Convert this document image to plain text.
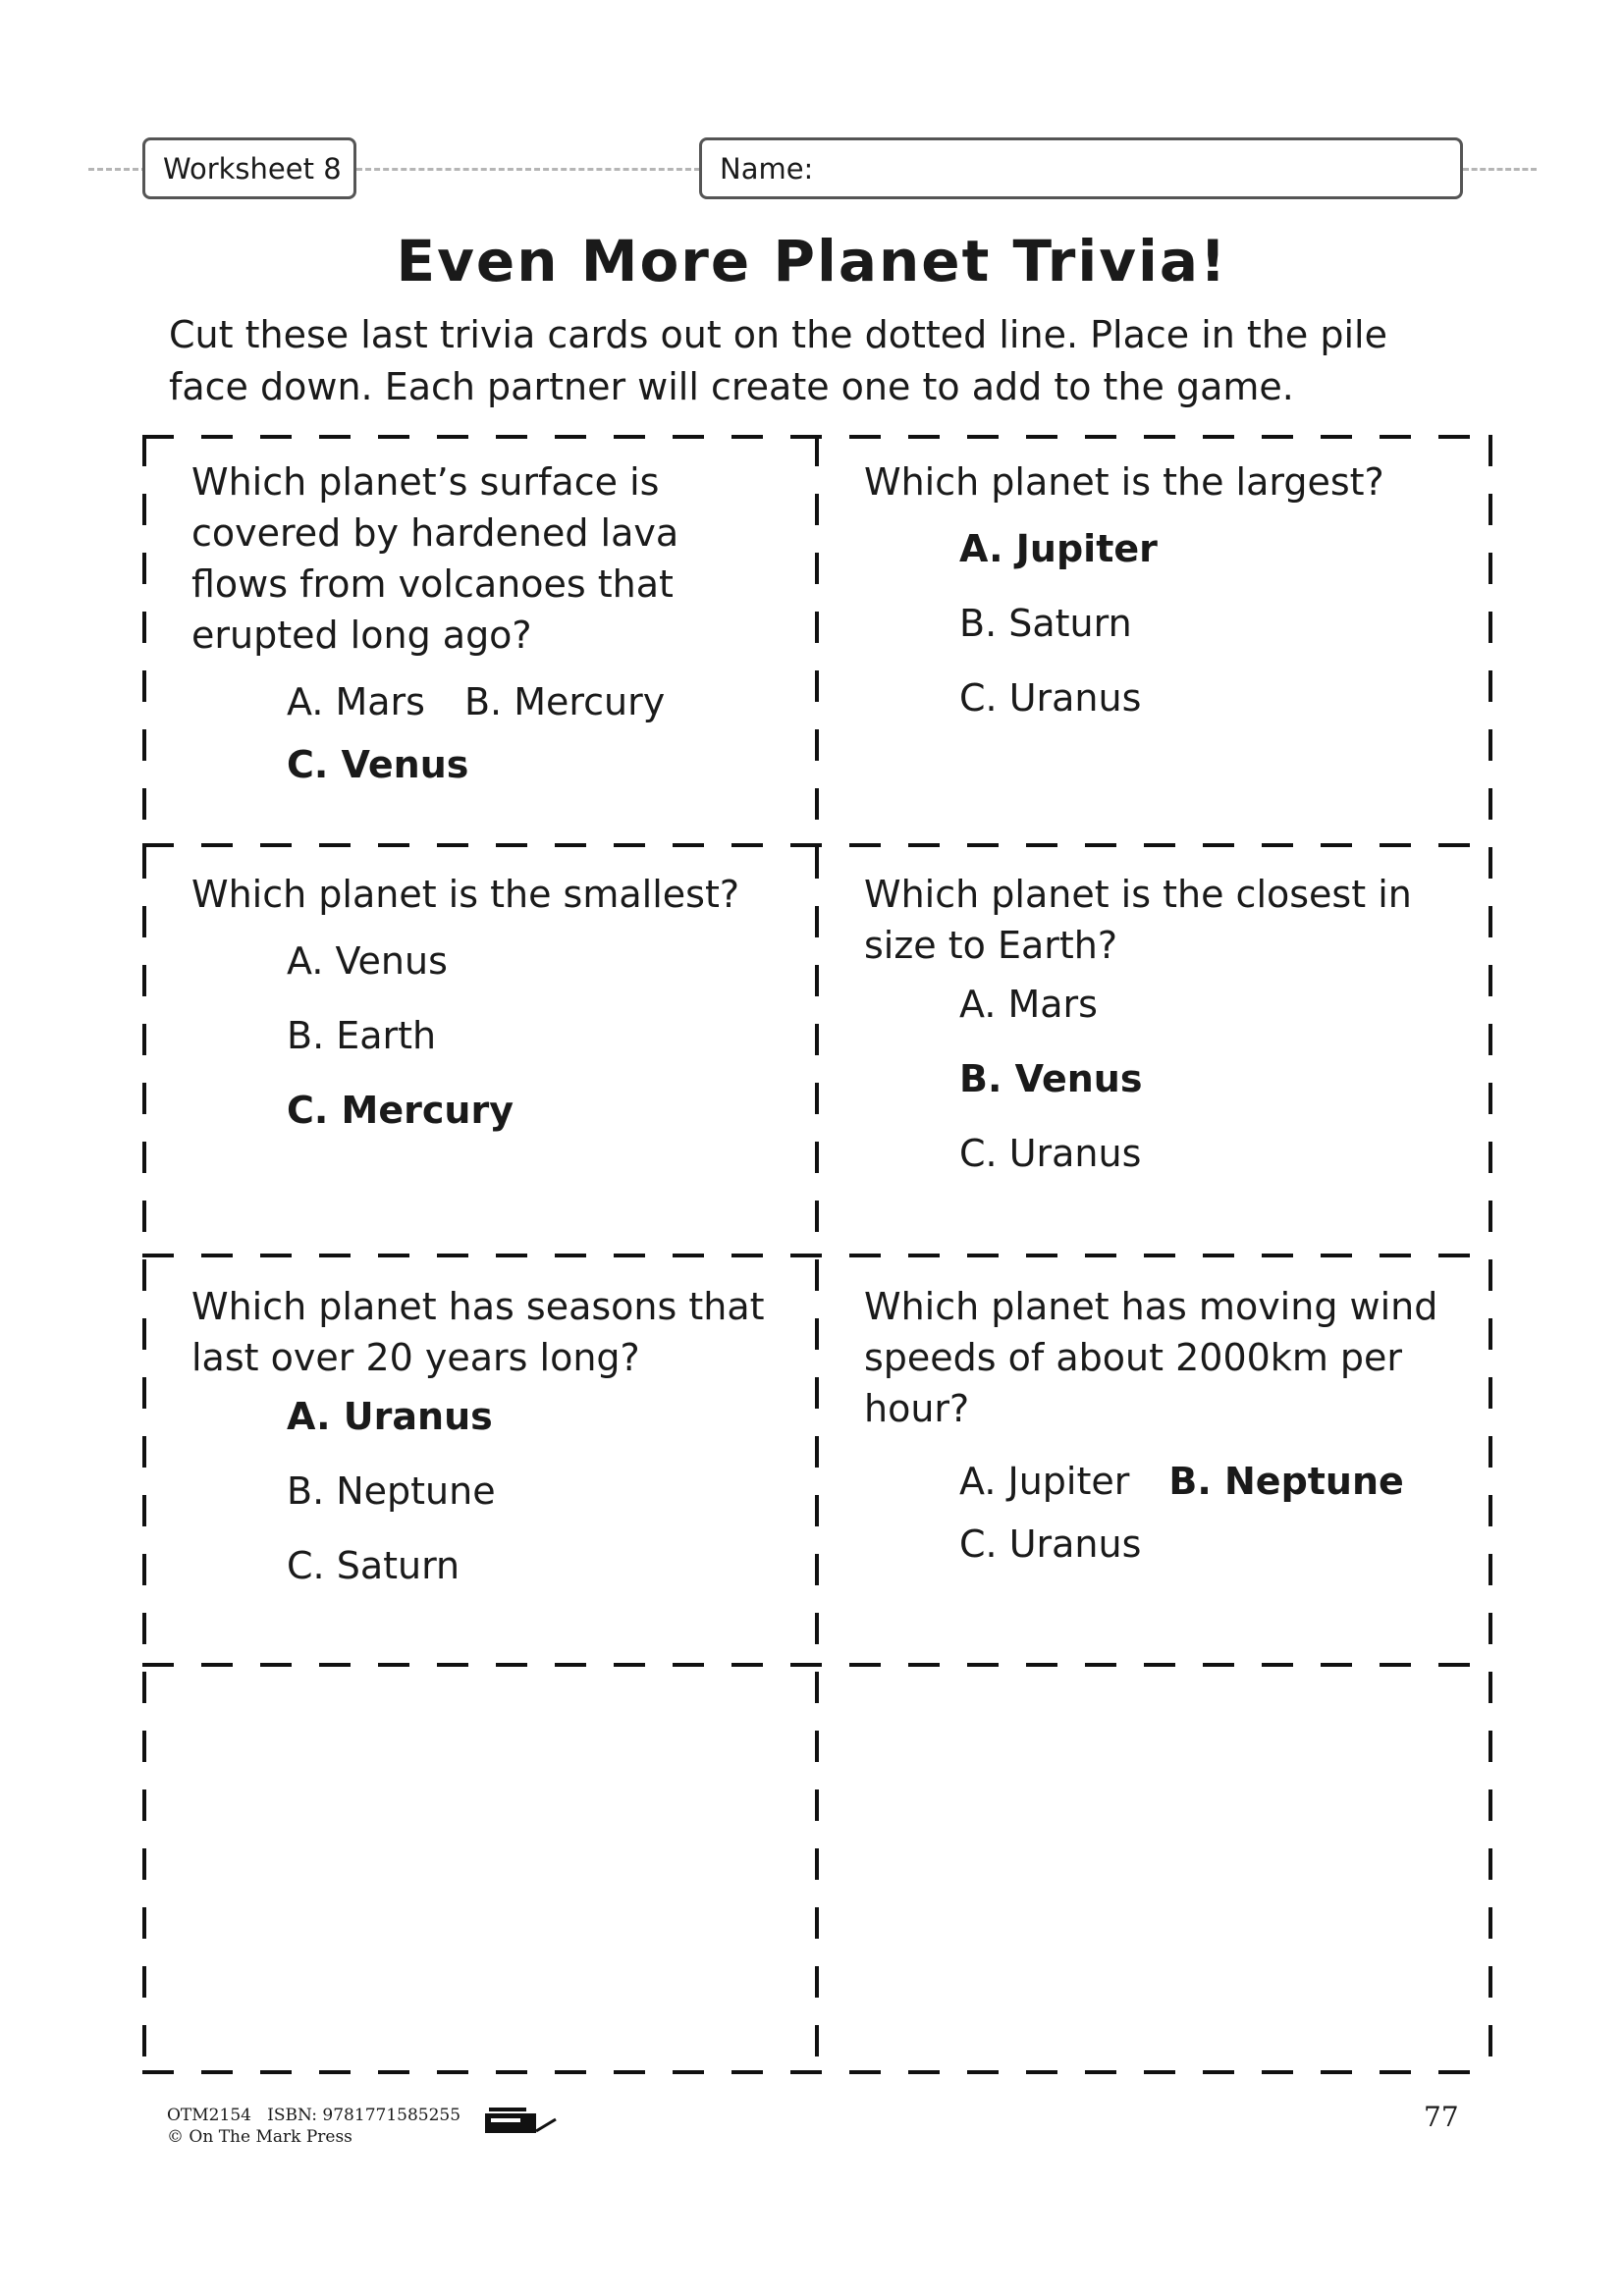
Worksheet 8	Name:
Even More Planet Trivia!
Cut these last trivia cards out on the dotted line. Place in the pile face down. Each partner will create one to add to the game.
Which planet’s surface is covered by hardened lava flows from volcanoes that erupted long ago?
A. Mars B. Mercury
C. Venus
Which planet is the largest?
A. Jupiter
B. Saturn
C. Uranus
Which planet is the smallest?
A. Venus
B. Earth
C. Mercury
Which planet is the closest in size to Earth?
A. Mars
B. Venus
C. Uranus
Which planet has seasons that last over 20 years long?
A. Uranus
B. Neptune
C. Saturn
Which planet has moving wind speeds of about 2000km per hour?
A. Jupiter B. Neptune
C. Uranus
OTM2154 ISBN: 9781771585255
© On The Mark Press
77
